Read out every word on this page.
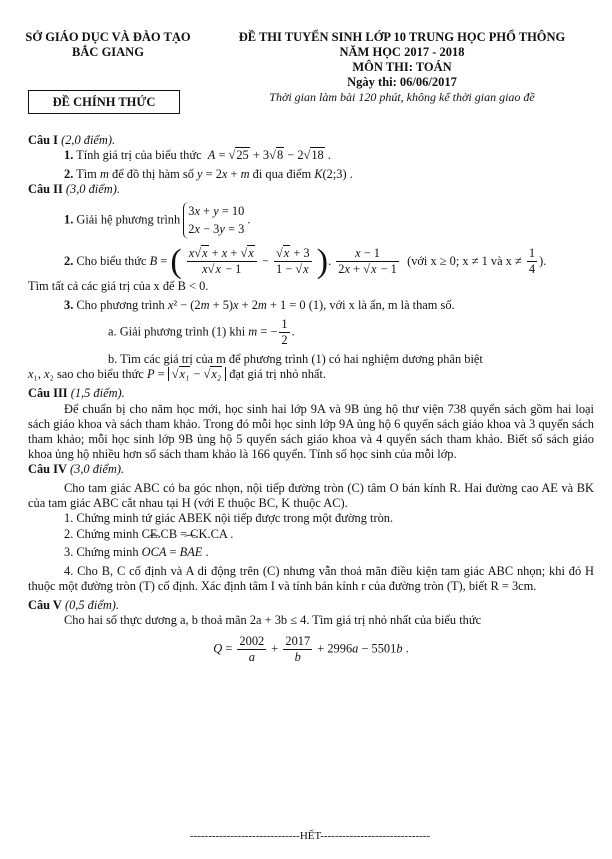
SỞ GIÁO DỤC VÀ ĐÀO TẠO
BẮC GIANG
ĐỀ THI TUYỂN SINH LỚP 10 TRUNG HỌC PHỔ THÔNG
NĂM HỌC 2017 - 2018
MÔN THI: TOÁN
Ngày thi: 06/06/2017
Thời gian làm bài 120 phút, không kể thời gian giao đề
ĐỀ CHÍNH THỨC
Câu I (2,0 điểm).
1. Tính giá trị của biểu thức A = √25 + 3√8 − 2√18 .
2. Tìm m để đồ thị hàm số y = 2x + m đi qua điểm K(2;3) .
Câu II (3,0 điểm).
1. Giải hệ phương trình 3x + y = 10
2x − 3y = 3 .
2. Cho biểu thức B = ( $\frac{x√x + x + √x}{x√x - 1} - \frac{√x + 3}{1 - √x}$ ). $\frac{x - 1}{2x + √x - 1}$ (với x ≥ 0; x ≠ 1 và $x \ne \frac{1}{4}$ ).
Tìm tất cả các giá trị của x để B < 0.
3. Cho phương trình x² − (2m + 5)x + 2m + 1 = 0 (1), với x là ẩn, m là tham số.
a. Giải phương trình (1) khi m = − $\frac{1}{2}$ .
b. Tìm các giá trị của m để phương trình (1) có hai nghiệm dương phân biệt
x₁, x₂ sao cho biểu thức P = √x₁ − √x₂ đạt giá trị nhỏ nhất.
Câu III (1,5 điểm).
Để chuẩn bị cho năm học mới, học sinh hai lớp 9A và 9B ủng hộ thư viện 738 quyển sách gồm hai loại sách giáo khoa và sách tham khảo. Trong đó mỗi học sinh lớp 9A ủng hộ 6 quyển sách giáo khoa và 3 quyển sách tham khảo; mỗi học sinh lớp 9B ủng hộ 5 quyển sách giáo khoa và 4 quyển sách tham khảo. Biết số sách giáo khoa ủng hộ nhiều hơn số sách tham khảo là 166 quyển. Tính số học sinh của mỗi lớp.
Câu IV (3,0 điểm).
Cho tam giác ABC có ba góc nhọn, nội tiếp đường tròn (C) tâm O bán kính R. Hai đường cao AE và BK của tam giác ABC cắt nhau tại H (với E thuộc BC, K thuộc AC).
1. Chứng minh tứ giác ABEK nội tiếp được trong một đường tròn.
2. Chứng minh CE.CB = CK.CA .
3. Chứng minh ⌒ OCA = ⌒ BAE .
4. Cho B, C cố định và A di động trên (C) nhưng vẫn thoả mãn điều kiện tam giác ABC nhọn; khi đó H thuộc một đường tròn (T) cố định. Xác định tâm I và tính bán kính r của đường tròn (T), biết R = 3cm.
Câu V (0,5 điểm).
Cho hai số thực dương a, b thoả mãn 2a + 3b ≤ 4. Tìm giá trị nhỏ nhất của biểu thức
$Q = \frac{2002}{a} + \frac{2017}{b} + 2996a - 5501b$ .
------------------------------HẾT------------------------------
